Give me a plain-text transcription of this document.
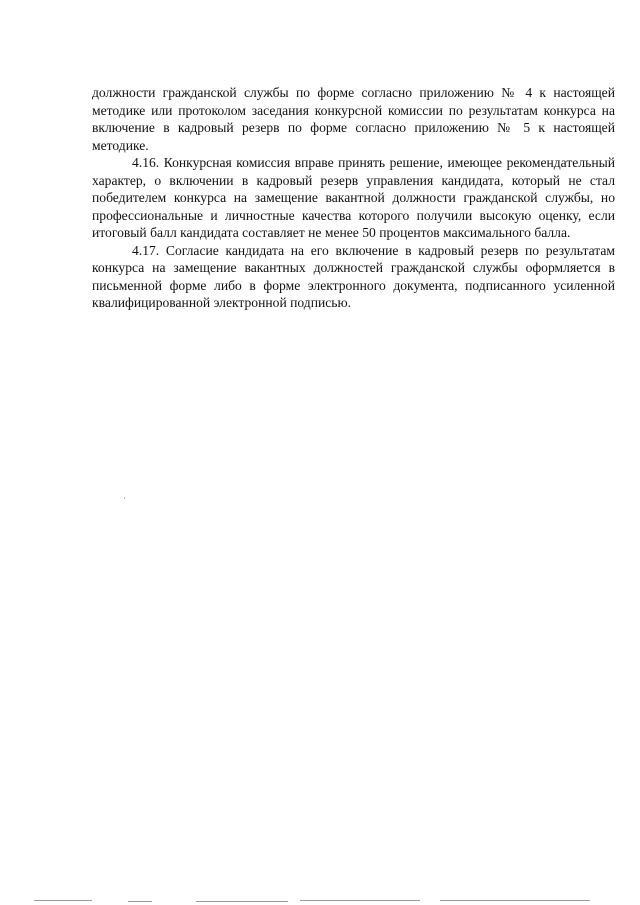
должности гражданской службы по форме согласно приложению № 4 к настоящей методике или протоколом заседания конкурсной комиссии по результатам конкурса на включение в кадровый резерв по форме согласно приложению № 5 к настоящей методике.

4.16. Конкурсная комиссия вправе принять решение, имеющее рекомендательный характер, о включении в кадровый резерв управления кандидата, который не стал победителем конкурса на замещение вакантной должности гражданской службы, но профессиональные и личностные качества которого получили высокую оценку, если итоговый балл кандидата составляет не менее 50 процентов максимального балла.

4.17. Согласие кандидата на его включение в кадровый резерв по результатам конкурса на замещение вакантных должностей гражданской службы оформляется в письменной форме либо в форме электронного документа, подписанного усиленной квалифицированной электронной подписью.
